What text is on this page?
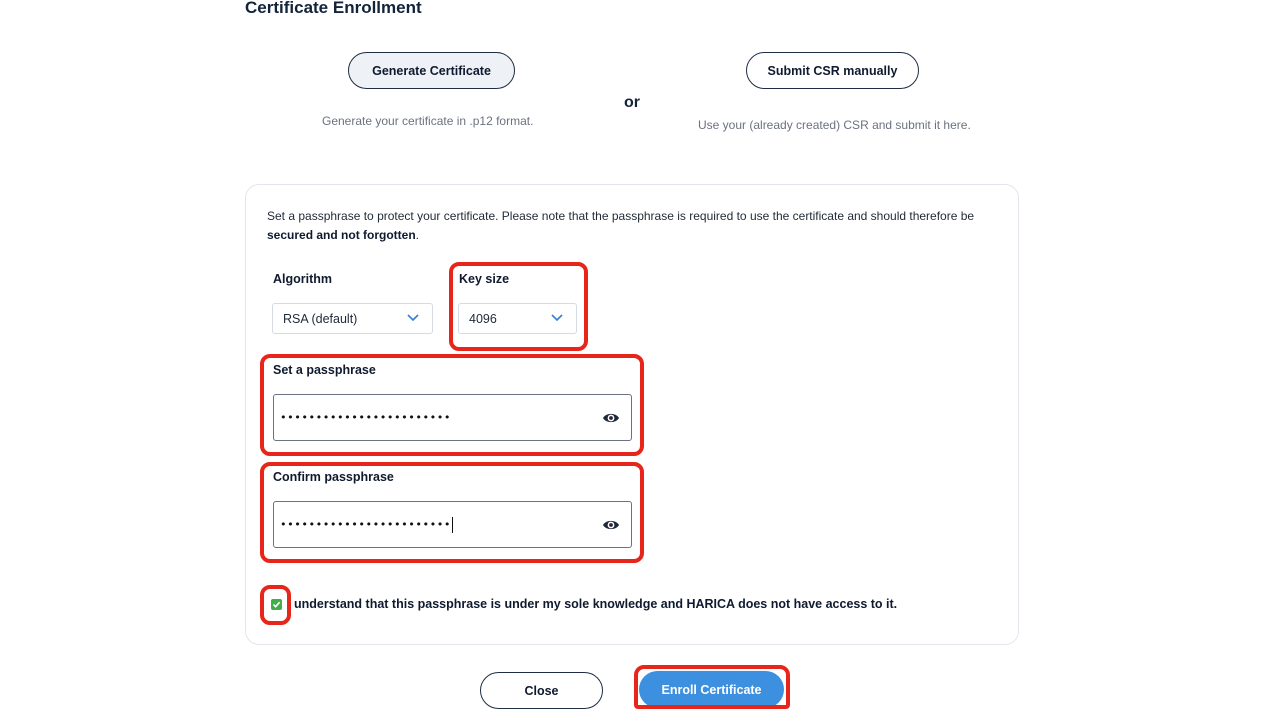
Certificate Enrollment
Generate Certificate
Generate your certificate in .p12 format.
or
Submit CSR manually
Use your (already created) CSR and submit it here.
Set a passphrase to protect your certificate. Please note that the passphrase is required to use the certificate and should therefore be secured and not forgotten.
Algorithm
RSA (default)
Key size
4096
Set a passphrase
••••••••••••••••••••••••
Confirm passphrase
••••••••••••••••••••••••
understand that this passphrase is under my sole knowledge and HARICA does not have access to it.
Close	Enroll Certificate
